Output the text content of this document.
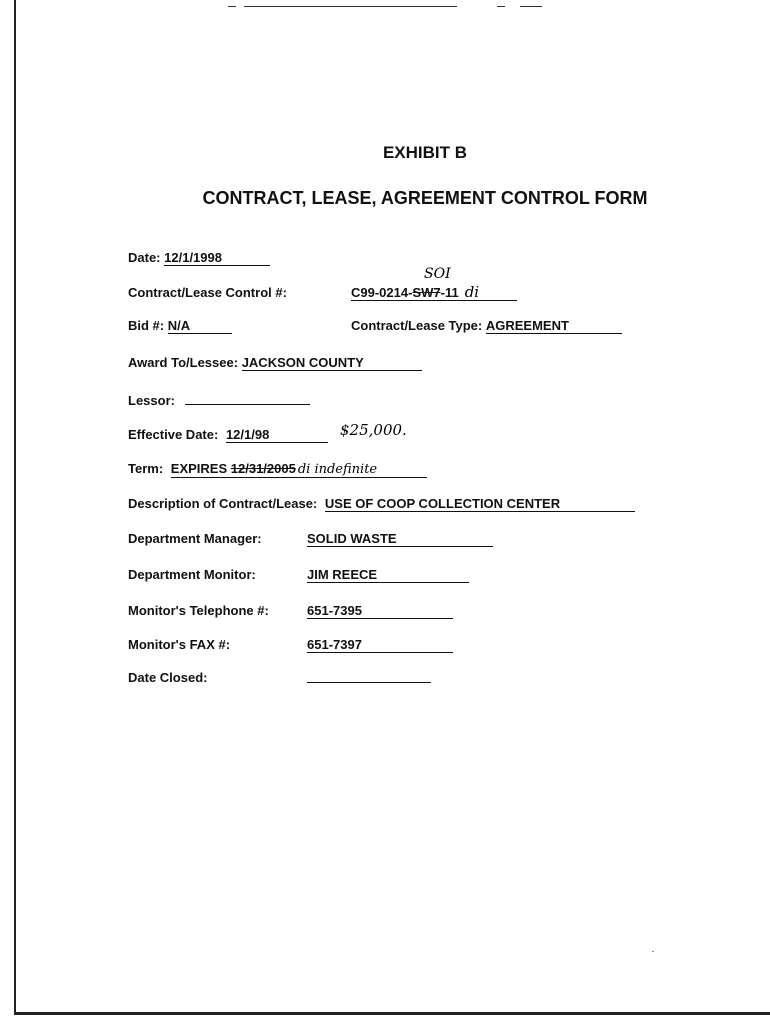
EXHIBIT B
CONTRACT, LEASE, AGREEMENT CONTROL FORM
Date: 12/1/1998
Contract/Lease Control #:	C99-0214-SW7-11 di
SOI
Bid #: N/A	Contract/Lease Type: AGREEMENT
Award To/Lessee: JACKSON COUNTY
Lessor:
Effective Date: 12/1/98	$25,000.
Term: EXPIRES 12/31/2005 di indefinite
Description of Contract/Lease: USE OF COOP COLLECTION CENTER
Department Manager:	SOLID WASTE
Department Monitor:	JIM REECE
Monitor's Telephone #:	651-7395
Monitor's FAX #:	651-7397
Date Closed:
